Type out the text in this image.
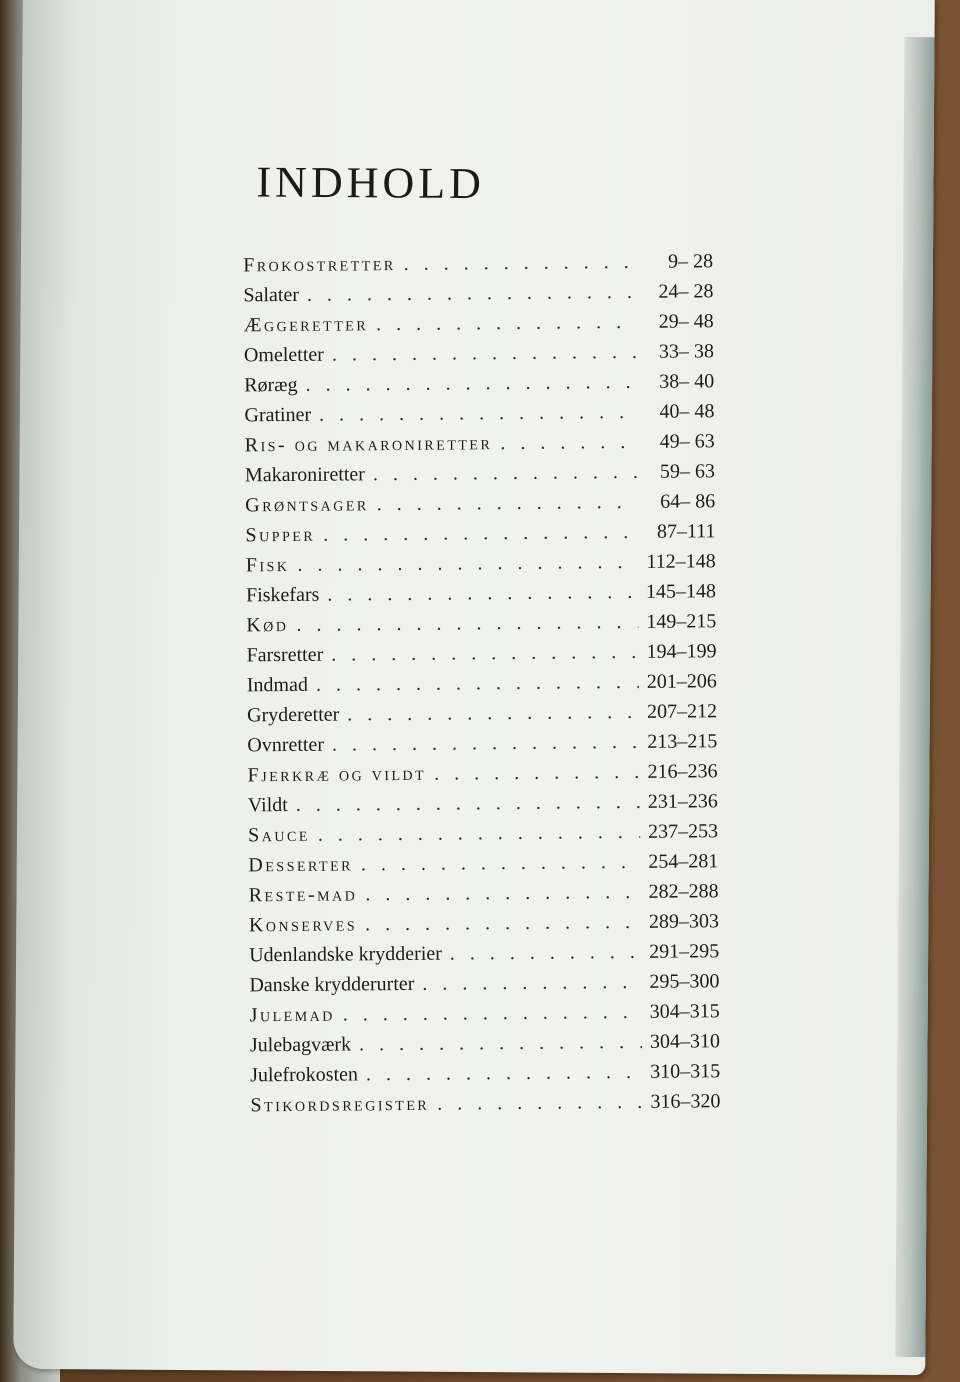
INDHOLD
Frokostretter . . .	9– 28
Salater . . .	24– 28
Æggeretter . . .	29– 48
Omeletter . . .	33– 38
Røræg . . .	38– 40
Gratiner . . .	40– 48
Ris- og makaroniretter . . .	49– 63
Makaroniretter . . .	59– 63
Grøntsager . . .	64– 86
Supper . . .	87–111
Fisk . . .	112–148
Fiskefars . . .	145–148
Kød . . .	149–215
Farsretter . . .	194–199
Indmad . . .	201–206
Gryderetter . . .	207–212
Ovnretter . . .	213–215
Fjerkræ og vildt . . .	216–236
Vildt . . .	231–236
Sauce . . .	237–253
Desserter . . .	254–281
Reste-mad . . .	282–288
Konserves . . .	289–303
Udenlandske krydderier . . .	291–295
Danske krydderurter . . .	295–300
Julemad . . .	304–315
Julebagværk . . .	304–310
Julefrokosten . . .	310–315
Stikordsregister . . .	316–320
